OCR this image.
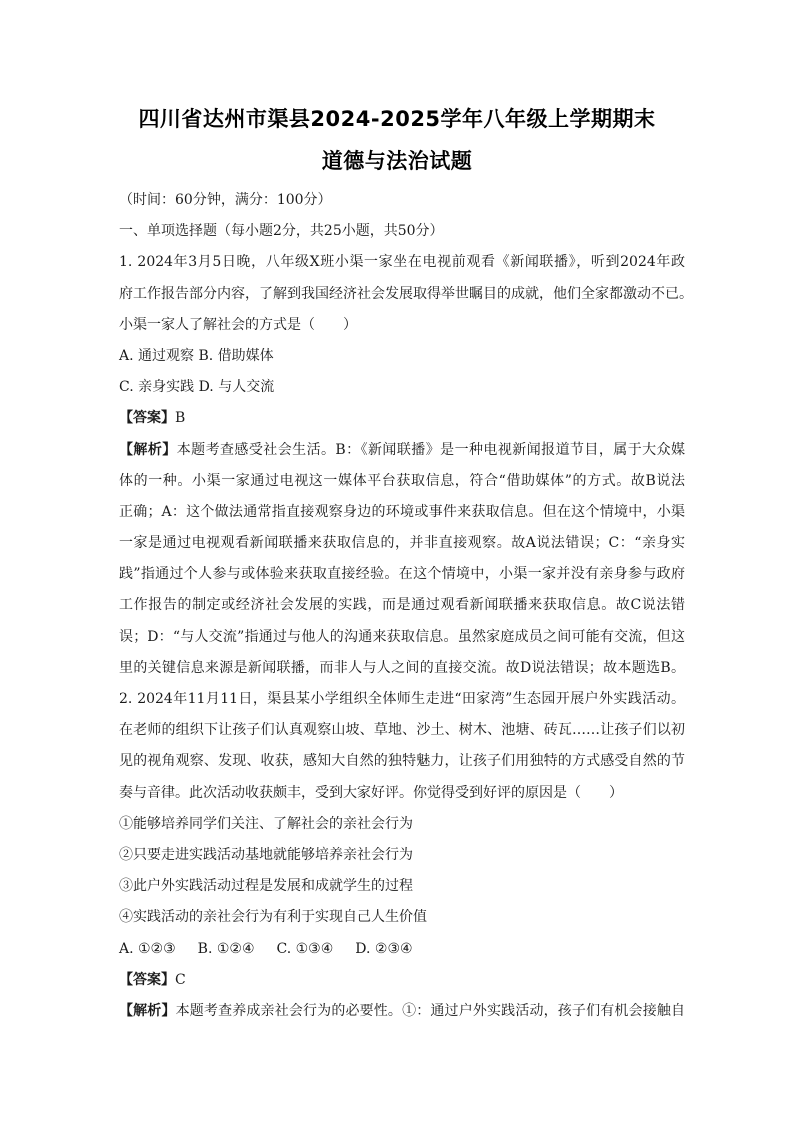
四川省达州市渠县2024-2025学年八年级上学期期末
道德与法治试题
（时间：60分钟，满分：100分）
一、单项选择题（每小题2分，共25小题，共50分）
1. 2024年3月5日晚，八年级X班小渠一家坐在电视前观看《新闻联播》，听到2024年政
府工作报告部分内容，了解到我国经济社会发展取得举世瞩目的成就，他们全家都激动不已。
小渠一家人了解社会的方式是（　　）
A. 通过观察 B. 借助媒体
C. 亲身实践 D. 与人交流
【答案】B
【解析】本题考查感受社会生活。B：《新闻联播》是一种电视新闻报道节目，属于大众媒
体的一种。小渠一家通过电视这一媒体平台获取信息，符合“借助媒体”的方式。故B说法
正确；A：这个做法通常指直接观察身边的环境或事件来获取信息。但在这个情境中，小渠
一家是通过电视观看新闻联播来获取信息的，并非直接观察。故A说法错误；C：“亲身实
践”指通过个人参与或体验来获取直接经验。在这个情境中，小渠一家并没有亲身参与政府
工作报告的制定或经济社会发展的实践，而是通过观看新闻联播来获取信息。故C说法错
误；D：“与人交流”指通过与他人的沟通来获取信息。虽然家庭成员之间可能有交流，但这
里的关键信息来源是新闻联播，而非人与人之间的直接交流。故D说法错误；故本题选B。
2. 2024年11月11日，渠县某小学组织全体师生走进“田家湾”生态园开展户外实践活动。
在老师的组织下让孩子们认真观察山坡、草地、沙土、树木、池塘、砖瓦……让孩子们以初
见的视角观察、发现、收获，感知大自然的独特魅力，让孩子们用独特的方式感受自然的节
奏与音律。此次活动收获颇丰，受到大家好评。你觉得受到好评的原因是（　　）
①能够培养同学们关注、了解社会的亲社会行为
②只要走进实践活动基地就能够培养亲社会行为
③此户外实践活动过程是发展和成就学生的过程
④实践活动的亲社会行为有利于实现自己人生价值
A. ①②③ B. ①②④ C. ①③④ D. ②③④
【答案】C
【解析】本题考查养成亲社会行为的必要性。①：通过户外实践活动，孩子们有机会接触自
